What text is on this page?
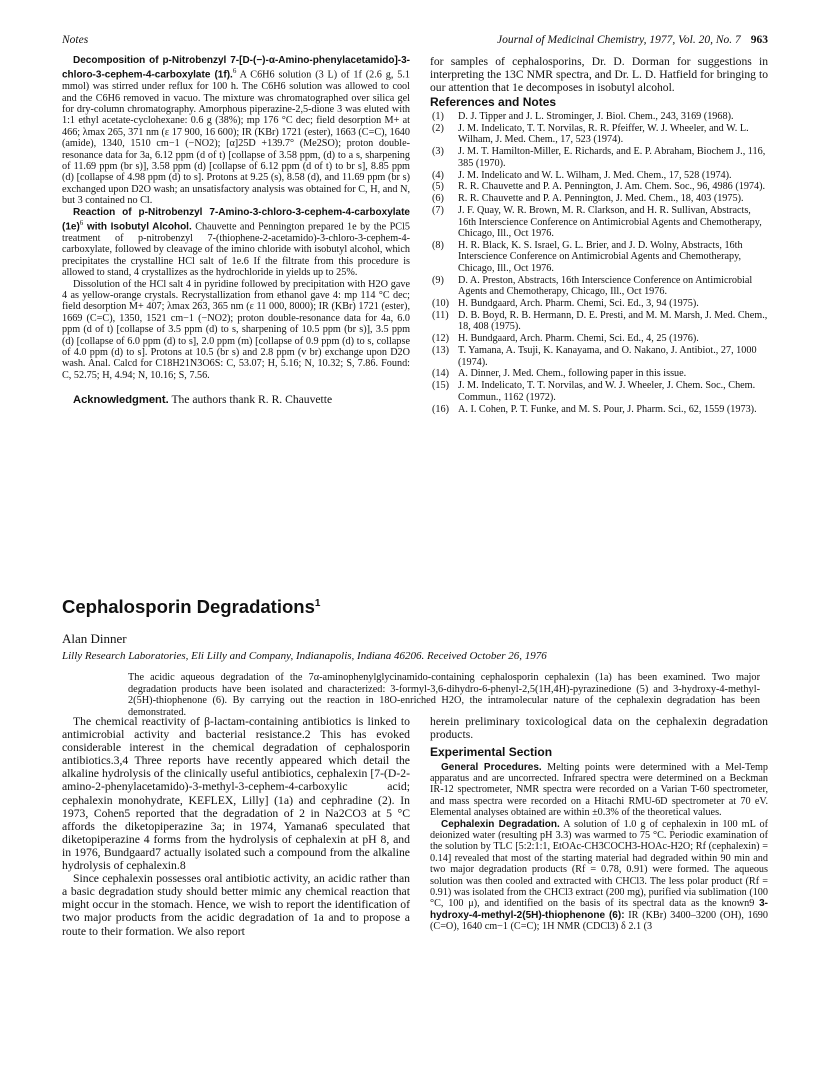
Notes	Journal of Medicinal Chemistry, 1977, Vol. 20, No. 7 963

Decomposition of p-Nitrobenzyl 7-[D-(−)-α-Amino-phenylacetamido]-3-chloro-3-cephem-4-carboxylate (1f).$^6$ A C6H6 solution (3 L) of 1f (2.6 g, 5.1 mmol) was stirred under reflux for 100 h. The C6H6 solution was allowed to cool and the C6H6 removed in vacuo. The mixture was chromatographed over silica gel for dry-column chromatography. Amorphous piperazine-2,5-dione 3 was eluted with 1:1 ethyl acetate-cyclohexane: 0.6 g (38%); mp 176 °C dec; field desorption M+ at 466; λmax 265, 371 nm (ε 17 900, 16 600); IR (KBr) 1721 (ester), 1663 (C=C), 1640 (amide), 1340, 1510 cm−1 (−NO2); [α]25D +139.7° (Me2SO); proton double-resonance data for 3a, 6.12 ppm (d of t) [collapse of 3.58 ppm, (d) to a s, sharpening of 11.69 ppm (br s)], 3.58 ppm (d) [collapse of 6.12 ppm (d of t) to br s], 8.85 ppm (d) [collapse of 4.98 ppm (d) to s]. Protons at 9.25 (s), 8.58 (d), and 11.69 ppm (br s) exchanged upon D2O wash; an unsatisfactory analysis was obtained for C, H, and N, but 3 contained no Cl.

Reaction of p-Nitrobenzyl 7-Amino-3-chloro-3-cephem-4-carboxylate $(1e)^6$ with Isobutyl Alcohol. Chauvette and Pennington prepared 1e by the PCl5 treatment of p-nitrobenzyl 7-(thiophene-2-acetamido)-3-chloro-3-cephem-4-carboxylate, followed by cleavage of the imino chloride with isobutyl alcohol, which precipitates the crystalline HCl salt of 1e.6 If the filtrate from this procedure is allowed to stand, 4 crystallizes as the hydrochloride in yields up to 25%.

Dissolution of the HCl salt 4 in pyridine followed by precipitation with H2O gave 4 as yellow-orange crystals. Recrystallization from ethanol gave 4: mp 114 °C dec; field desorption M+ 407; λmax 263, 365 nm (ε 11 000, 8000); IR (KBr) 1721 (ester), 1669 (C=C), 1350, 1521 cm−1 (−NO2); proton double-resonance data for 4a, 6.0 ppm (d of t) [collapse of 3.5 ppm (d) to s, sharpening of 10.5 ppm (br s)], 3.5 ppm (d) [collapse of 6.0 ppm (d) to s], 2.0 ppm (m) [collapse of 0.9 ppm (d) to s, collapse of 4.0 ppm (d) to s]. Protons at 10.5 (br s) and 2.8 ppm (v br) exchange upon D2O wash. Anal. Calcd for C18H21N3O6S: C, 53.07; H, 5.16; N, 10.32; S, 7.86. Found: C, 52.75; H, 4.94; N, 10.16; S, 7.56.

Acknowledgment. The authors thank R. R. Chauvette

for samples of cephalosporins, Dr. D. Dorman for suggestions in interpreting the 13C NMR spectra, and Dr. L. D. Hatfield for bringing to our attention that 1e decomposes in isobutyl alcohol.

References and Notes
(1) D. J. Tipper and J. L. Strominger, J. Biol. Chem., 243, 3169 (1968).
(2) J. M. Indelicato, T. T. Norvilas, R. R. Pfeiffer, W. J. Wheeler, and W. L. Wilham, J. Med. Chem., 17, 523 (1974).
(3) J. M. T. Hamilton-Miller, E. Richards, and E. P. Abraham, Biochem J., 116, 385 (1970).
(4) J. M. Indelicato and W. L. Wilham, J. Med. Chem., 17, 528 (1974).
(5) R. R. Chauvette and P. A. Pennington, J. Am. Chem. Soc., 96, 4986 (1974).
(6) R. R. Chauvette and P. A. Pennington, J. Med. Chem., 18, 403 (1975).
(7) J. F. Quay, W. R. Brown, M. R. Clarkson, and H. R. Sullivan, Abstracts, 16th Interscience Conference on Antimicrobial Agents and Chemotherapy, Chicago, Ill., Oct 1976.
(8) H. R. Black, K. S. Israel, G. L. Brier, and J. D. Wolny, Abstracts, 16th Interscience Conference on Antimicrobial Agents and Chemotherapy, Chicago, Ill., Oct 1976.
(9) D. A. Preston, Abstracts, 16th Interscience Conference on Antimicrobial Agents and Chemotherapy, Chicago, Ill., Oct 1976.
(10) H. Bundgaard, Arch. Pharm. Chemi, Sci. Ed., 3, 94 (1975).
(11) D. B. Boyd, R. B. Hermann, D. E. Presti, and M. M. Marsh, J. Med. Chem., 18, 408 (1975).
(12) H. Bundgaard, Arch. Pharm. Chemi, Sci. Ed., 4, 25 (1976).
(13) T. Yamana, A. Tsuji, K. Kanayama, and O. Nakano, J. Antibiot., 27, 1000 (1974).
(14) A. Dinner, J. Med. Chem., following paper in this issue.
(15) J. M. Indelicato, T. T. Norvilas, and W. J. Wheeler, J. Chem. Soc., Chem. Commun., 1162 (1972).
(16) A. I. Cohen, P. T. Funke, and M. S. Pour, J. Pharm. Sci., 62, 1559 (1973).
Cephalosporin Degradations$^1$
Alan Dinner
Lilly Research Laboratories, Eli Lilly and Company, Indianapolis, Indiana 46206. Received October 26, 1976
The acidic aqueous degradation of the 7α-aminophenylglycinamido-containing cephalosporin cephalexin (1a) has been examined. Two major degradation products have been isolated and characterized: 3-formyl-3,6-dihydro-6-phenyl-2,5(1H,4H)-pyrazinedione (5) and 3-hydroxy-4-methyl-2(5H)-thiophenone (6). By carrying out the reaction in 18O-enriched H2O, the intramolecular nature of the cephalexin degradation has been demonstrated.

The chemical reactivity of β-lactam-containing antibiotics is linked to antimicrobial activity and bacterial resistance.2 This has evoked considerable interest in the chemical degradation of cephalosporin antibiotics.3,4 Three reports have recently appeared which detail the alkaline hydrolysis of the clinically useful antibiotics, cephalexin [7-(D-2-amino-2-phenylacetamido)-3-methyl-3-cephem-4-carboxylic acid; cephalexin monohydrate, KEFLEX, Lilly] (1a) and cephradine (2). In 1973, Cohen5 reported that the degradation of 2 in Na2CO3 at 5 °C affords the diketopiperazine 3a; in 1974, Yamana6 speculated that diketopiperazine 4 forms from the hydrolysis of cephalexin at pH 8, and in 1976, Bundgaard7 actually isolated such a compound from the alkaline hydrolysis of cephalexin.8

Since cephalexin possesses oral antibiotic activity, an acidic rather than a basic degradation study should better mimic any chemical reaction that might occur in the stomach. Hence, we wish to report the identification of two major products from the acidic degradation of 1a and to propose a route to their formation. We also report

herein preliminary toxicological data on the cephalexin degradation products.

Experimental Section

General Procedures. Melting points were determined with a Mel-Temp apparatus and are uncorrected. Infrared spectra were determined on a Beckman IR-12 spectrometer, NMR spectra were recorded on a Varian T-60 spectrometer, and mass spectra were recorded on a Hitachi RMU-6D spectrometer at 70 eV. Elemental analyses obtained are within ±0.3% of the theoretical values.

Cephalexin Degradation. A solution of 1.0 g of cephalexin in 100 mL of deionized water (resulting pH 3.3) was warmed to 75 °C. Periodic examination of the solution by TLC [5:2:1:1, EtOAc-CH3COCH3-HOAc-H2O; Rf (cephalexin) = 0.14] revealed that most of the starting material had degraded within 90 min and two major degradation products (Rf = 0.78, 0.91) were formed. The aqueous solution was then cooled and extracted with CHCl3. The less polar product (Rf = 0.91) was isolated from the CHCl3 extract (200 mg), purified via sublimation (100 °C, 100 μ), and identified on the basis of its spectral data as the known9 3-hydroxy-4-methyl-2(5H)-thiophenone (6): IR (KBr) 3400–3200 (OH), 1690 (C=O), 1640 cm−1 (C=C); 1H NMR (CDCl3) δ 2.1 (3
